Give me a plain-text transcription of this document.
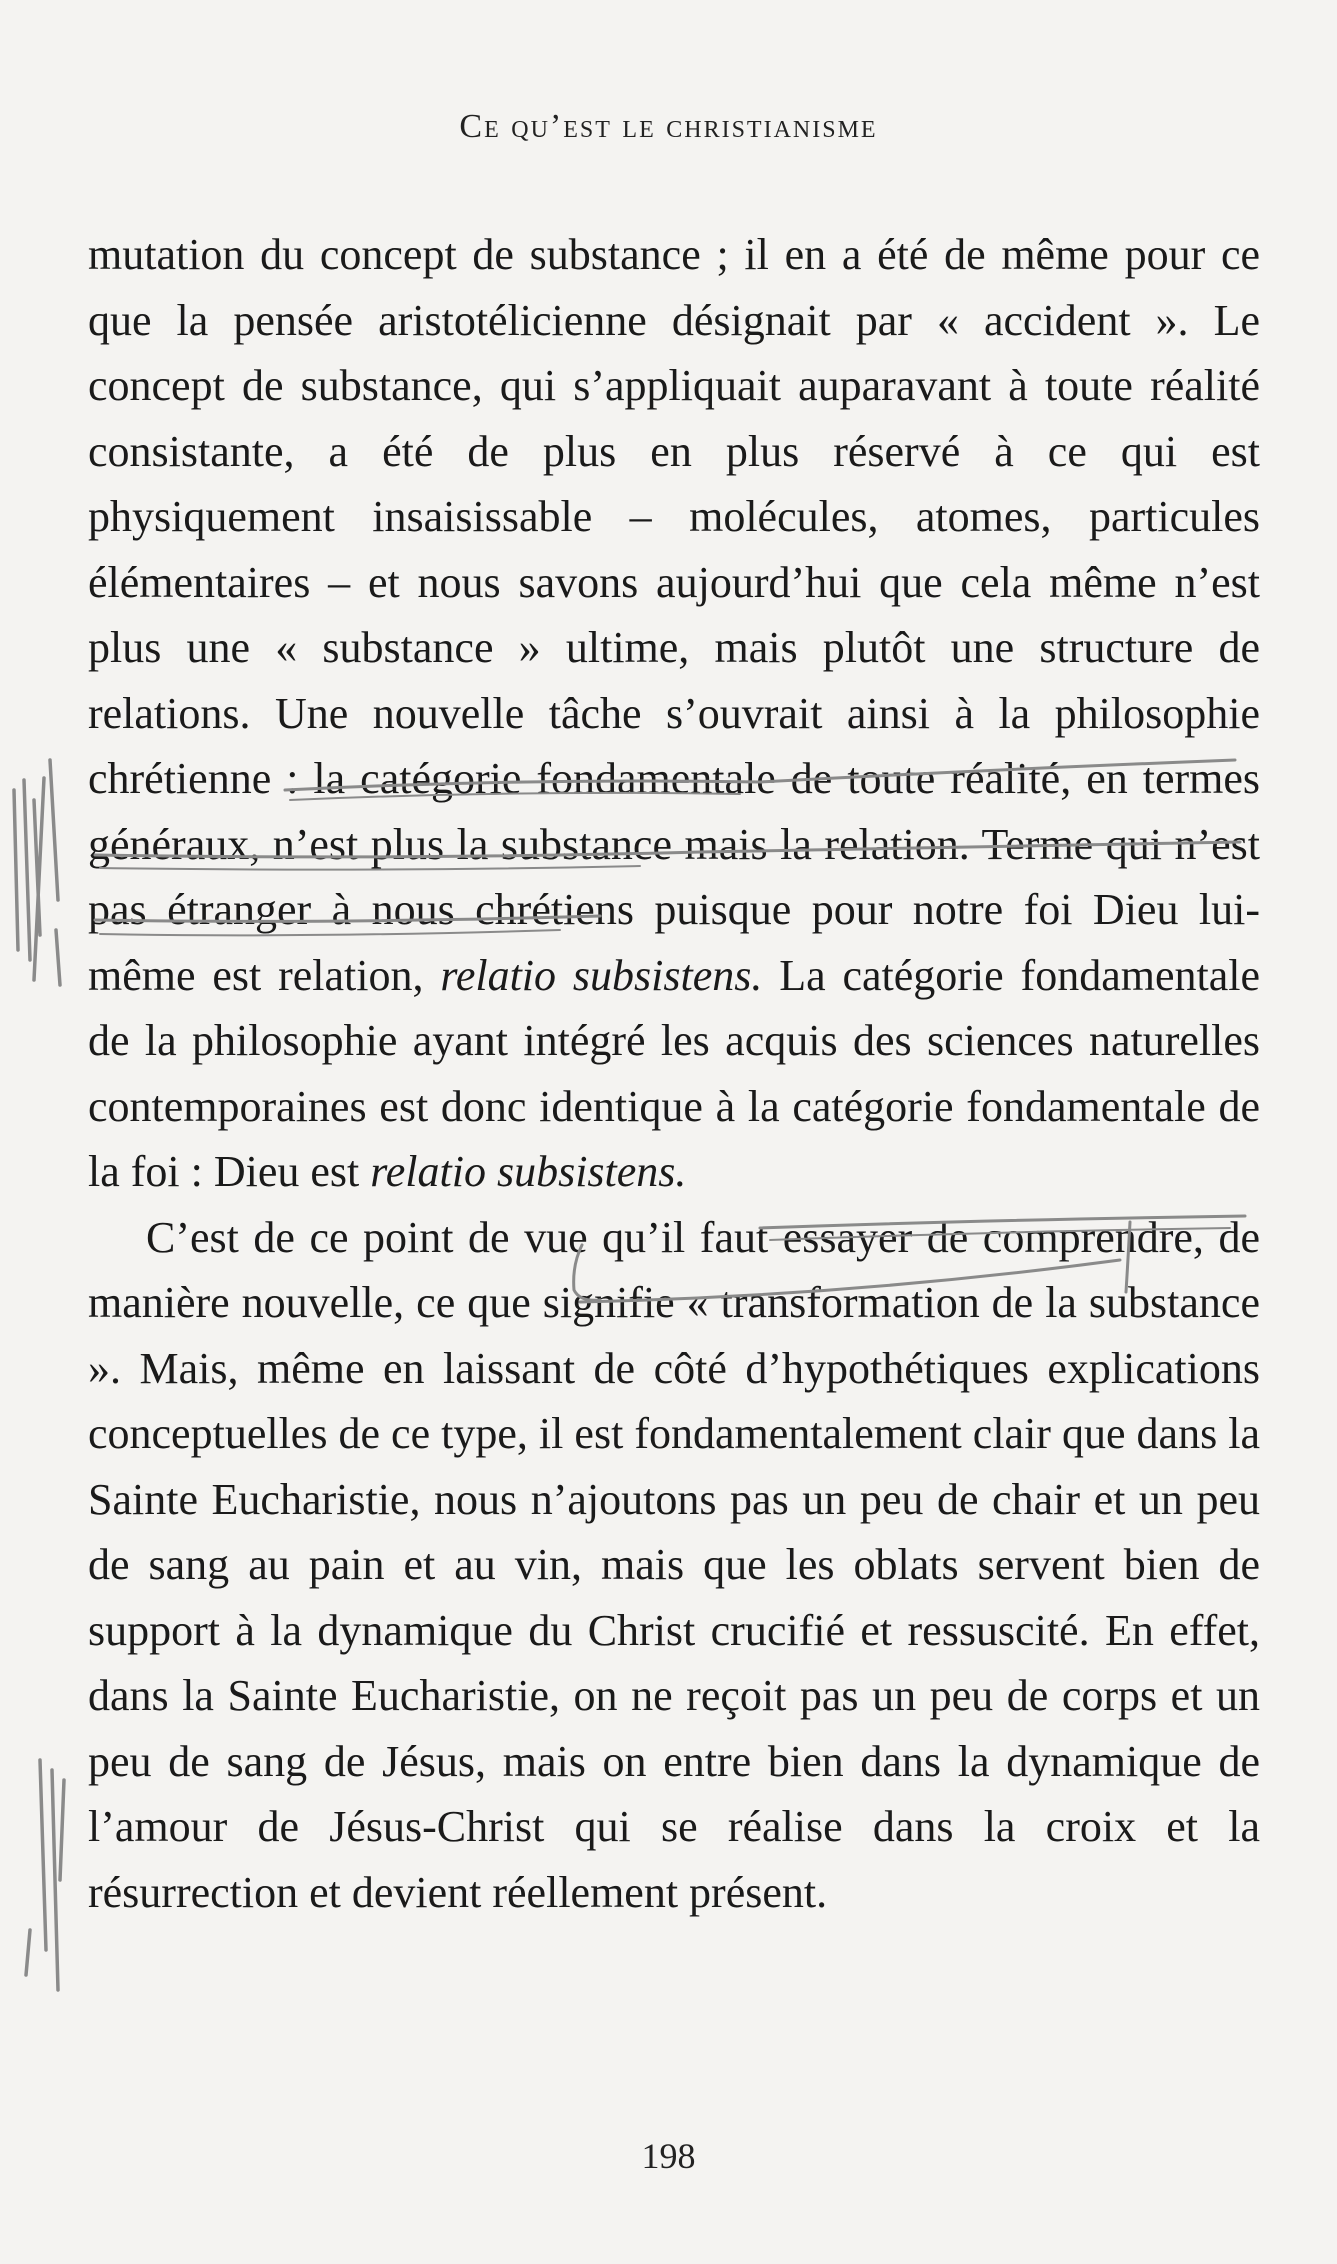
Ce qu’est le christianisme

mutation du concept de substance ; il en a été de même pour ce que la pensée aristotélicienne désignait par « accident ». Le concept de substance, qui s’appliquait auparavant à toute réalité consistante, a été de plus en plus réservé à ce qui est physiquement insaisissable – molécules, atomes, particules élémentaires – et nous savons aujourd’hui que cela même n’est plus une « substance » ultime, mais plutôt une structure de relations. Une nouvelle tâche s’ouvrait ainsi à la philosophie chrétienne : la catégorie fondamentale de toute réalité, en termes généraux, n’est plus la substance mais la relation. Terme qui n’est pas étranger à nous chrétiens puisque pour notre foi Dieu lui-même est relation, relatio subsistens. La catégorie fondamentale de la philosophie ayant intégré les acquis des sciences naturelles contemporaines est donc identique à la catégorie fondamentale de la foi : Dieu est relatio subsistens.

C’est de ce point de vue qu’il faut essayer de comprendre, de manière nouvelle, ce que signifie « transformation de la substance ». Mais, même en laissant de côté d’hypothétiques explications conceptuelles de ce type, il est fondamentalement clair que dans la Sainte Eucharistie, nous n’ajoutons pas un peu de chair et un peu de sang au pain et au vin, mais que les oblats servent bien de support à la dynamique du Christ crucifié et ressuscité. En effet, dans la Sainte Eucharistie, on ne reçoit pas un peu de corps et un peu de sang de Jésus, mais on entre bien dans la dynamique de l’amour de Jésus-Christ qui se réalise dans la croix et la résurrection et devient réellement présent.

198
